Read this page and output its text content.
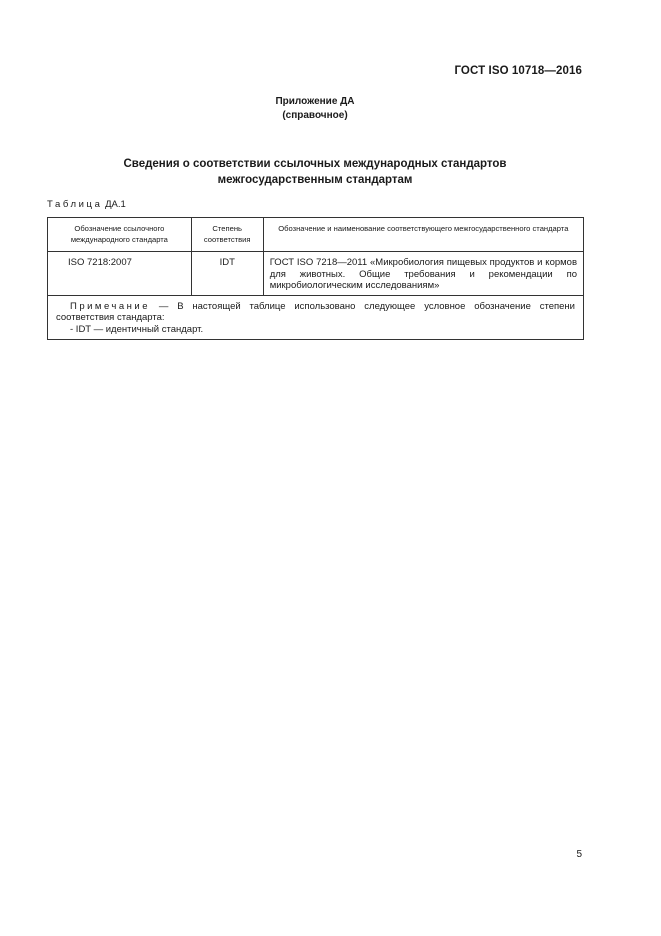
ГОСТ ISO 10718—2016
Приложение ДА
(справочное)
Сведения о соответствии ссылочных международных стандартов
межгосударственным стандартам
Таблица ДА.1
Обозначение ссылочного международного стандарта	Степень соответствия	Обозначение и наименование соответствующего межгосударственного стандарта
ISO 7218:2007	IDT	ГОСТ ISO 7218—2011 «Микробиология пищевых продуктов и кормов для животных. Общие требования и рекомендации по микробиологическим исследованиям»

Примечание — В настоящей таблице использовано следующее условное обозначение степени соответствия стандарта:
- IDT — идентичный стандарт.		
5
